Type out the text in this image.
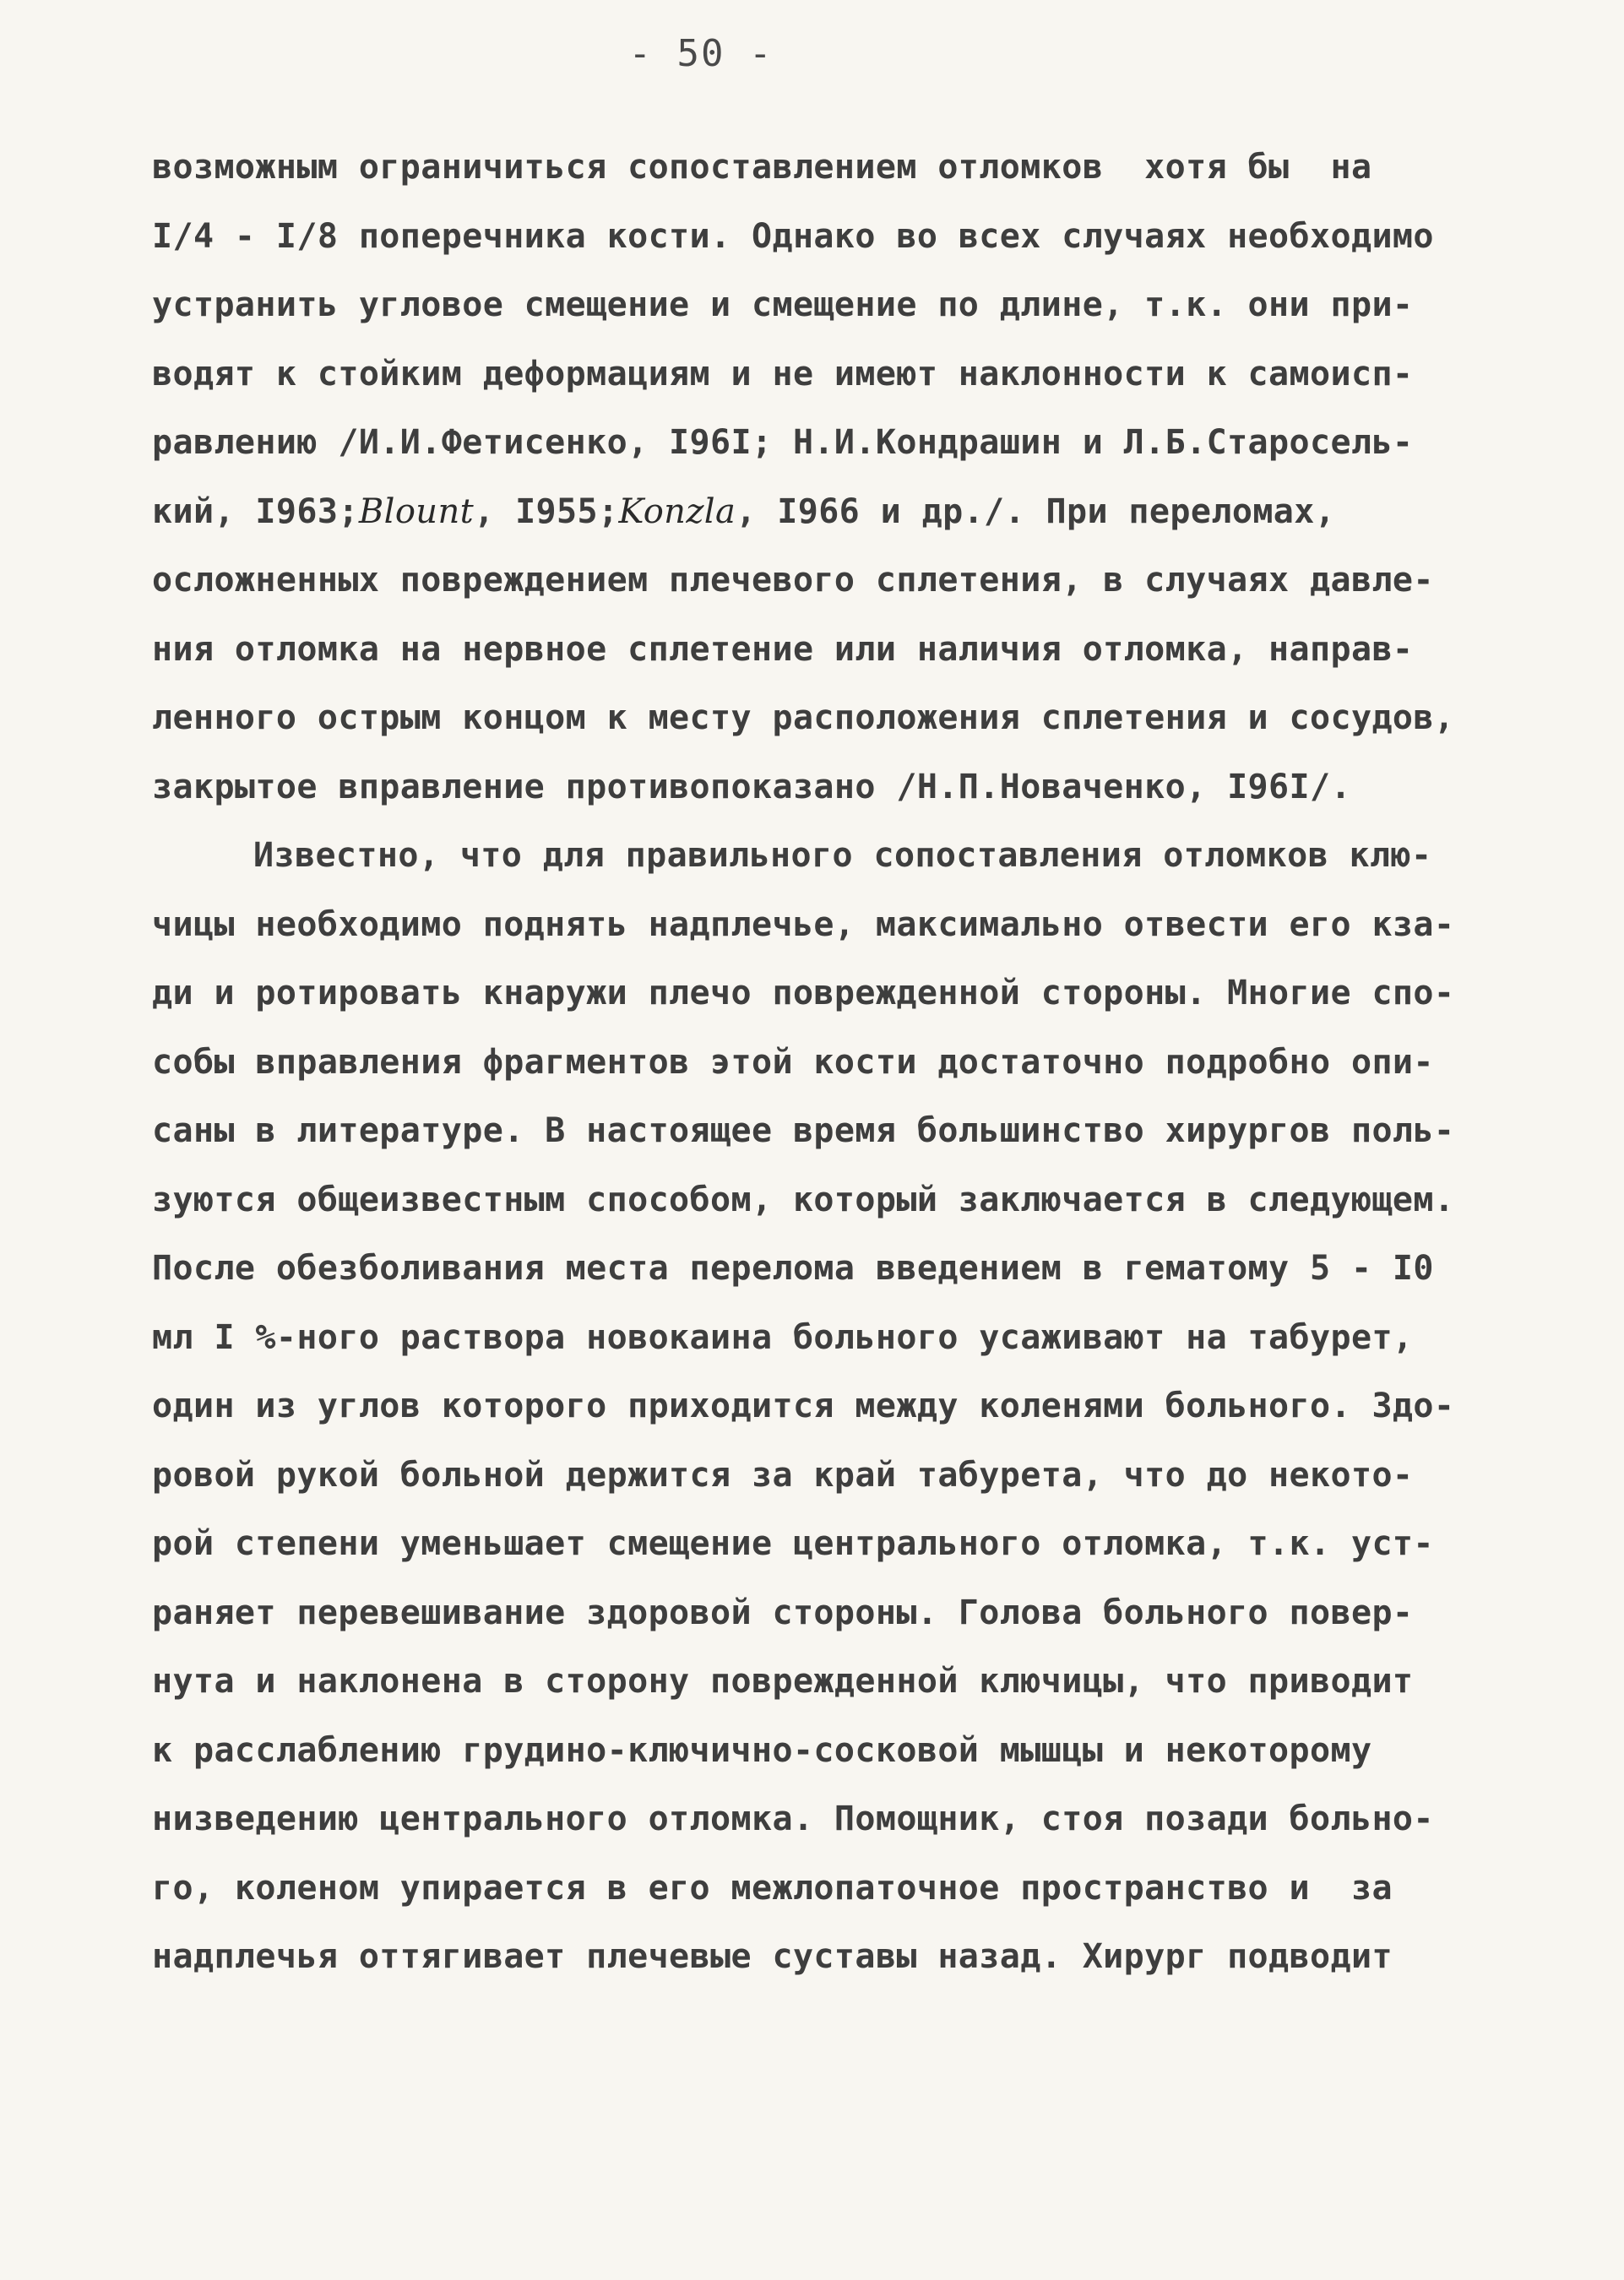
- 50 -
возможным ограничиться сопоставлением отломков  хотя бы  на
I/4 - I/8 поперечника кости. Однако во всех случаях необходимо
устранить угловое смещение и смещение по длине, т.к. они при-
водят к стойким деформациям и не имеют наклонности к самоисп-
равлению /И.И.Фетисенко, I96I; Н.И.Кондрашин и Л.Б.Старосель-
кий, I963;Blount, I955;Konzla, I966 и др./. При переломах,
осложненных повреждением плечевого сплетения, в случаях давле-
ния отломка на нервное сплетение или наличия отломка, направ-
ленного острым концом к месту расположения сплетения и сосудов,
закрытое вправление противопоказано /Н.П.Новаченко, I96I/.
Известно, что для правильного сопоставления отломков клю-
чицы необходимо поднять надплечье, максимально отвести его кза-
ди и ротировать кнаружи плечо поврежденной стороны. Многие спо-
собы вправления фрагментов этой кости достаточно подробно опи-
саны в литературе. В настоящее время большинство хирургов поль-
зуются общеизвестным способом, который заключается в следующем.
После обезболивания места перелома введением в гематому 5 - I0
мл I %-ного раствора новокаина больного усаживают на табурет,
один из углов которого приходится между коленями больного. Здо-
ровой рукой больной держится за край табурета, что до некото-
рой степени уменьшает смещение центрального отломка, т.к. уст-
раняет перевешивание здоровой стороны. Голова больного повер-
нута и наклонена в сторону поврежденной ключицы, что приводит
к расслаблению грудино-ключично-сосковой мышцы и некоторому
низведению центрального отломка. Помощник, стоя позади больно-
го, коленом упирается в его межлопаточное пространство и  за
надплечья оттягивает плечевые суставы назад. Хирург подводит
